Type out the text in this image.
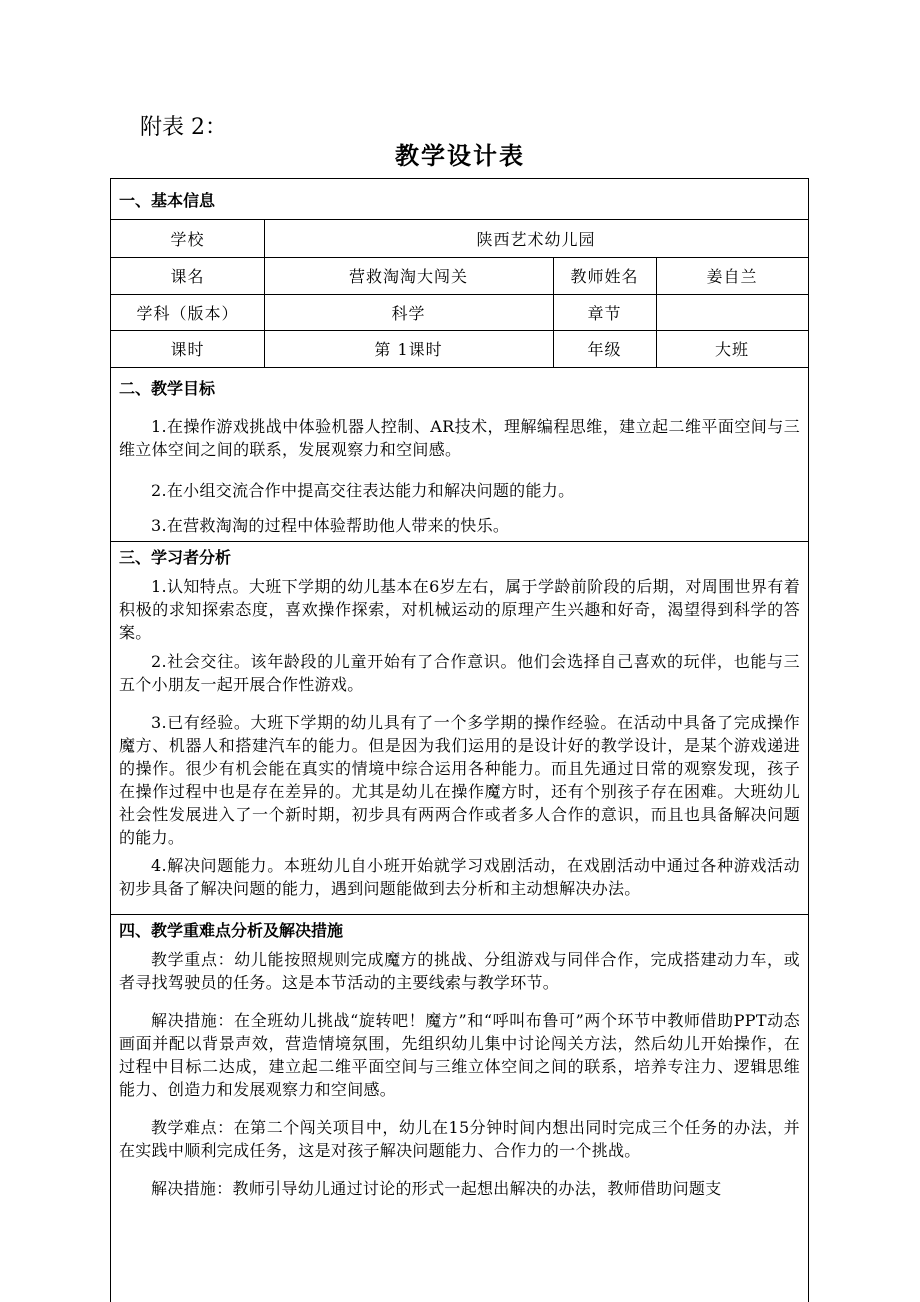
附表 2：
教学设计表
一、基本信息
学校	陕西艺术幼儿园
课名	营救淘淘大闯关	教师姓名	姜自兰
学科（版本）	科学	章节
课时	第 1课时	年级	大班
二、教学目标
1.在操作游戏挑战中体验机器人控制、AR技术，理解编程思维，建立起二维平面空间与三维立体空间之间的联系，发展观察力和空间感。
2.在小组交流合作中提高交往表达能力和解决问题的能力。
3.在营救淘淘的过程中体验帮助他人带来的快乐。
三、学习者分析
1.认知特点。大班下学期的幼儿基本在6岁左右，属于学龄前阶段的后期，对周围世界有着积极的求知探索态度，喜欢操作探索，对机械运动的原理产生兴趣和好奇，渴望得到科学的答案。
2.社会交往。该年龄段的儿童开始有了合作意识。他们会选择自己喜欢的玩伴，也能与三五个小朋友一起开展合作性游戏。
3.已有经验。大班下学期的幼儿具有了一个多学期的操作经验。在活动中具备了完成操作魔方、机器人和搭建汽车的能力。但是因为我们运用的是设计好的教学设计，是某个游戏递进的操作。很少有机会能在真实的情境中综合运用各种能力。而且先通过日常的观察发现，孩子在操作过程中也是存在差异的。尤其是幼儿在操作魔方时，还有个别孩子存在困难。大班幼儿社会性发展进入了一个新时期，初步具有两两合作或者多人合作的意识，而且也具备解决问题的能力。
4.解决问题能力。本班幼儿自小班开始就学习戏剧活动，在戏剧活动中通过各种游戏活动初步具备了解决问题的能力，遇到问题能做到去分析和主动想解决办法。
四、教学重难点分析及解决措施
教学重点：幼儿能按照规则完成魔方的挑战、分组游戏与同伴合作，完成搭建动力车，或者寻找驾驶员的任务。这是本节活动的主要线索与教学环节。
解决措施：在全班幼儿挑战“旋转吧！魔方”和“呼叫布鲁可”两个环节中教师借助PPT动态画面并配以背景声效，营造情境氛围，先组织幼儿集中讨论闯关方法，然后幼儿开始操作，在过程中目标二达成，建立起二维平面空间与三维立体空间之间的联系，培养专注力、逻辑思维能力、创造力和发展观察力和空间感。
教学难点：在第二个闯关项目中，幼儿在15分钟时间内想出同时完成三个任务的办法，并在实践中顺利完成任务，这是对孩子解决问题能力、合作力的一个挑战。
解决措施：教师引导幼儿通过讨论的形式一起想出解决的办法，教师借助问题支
